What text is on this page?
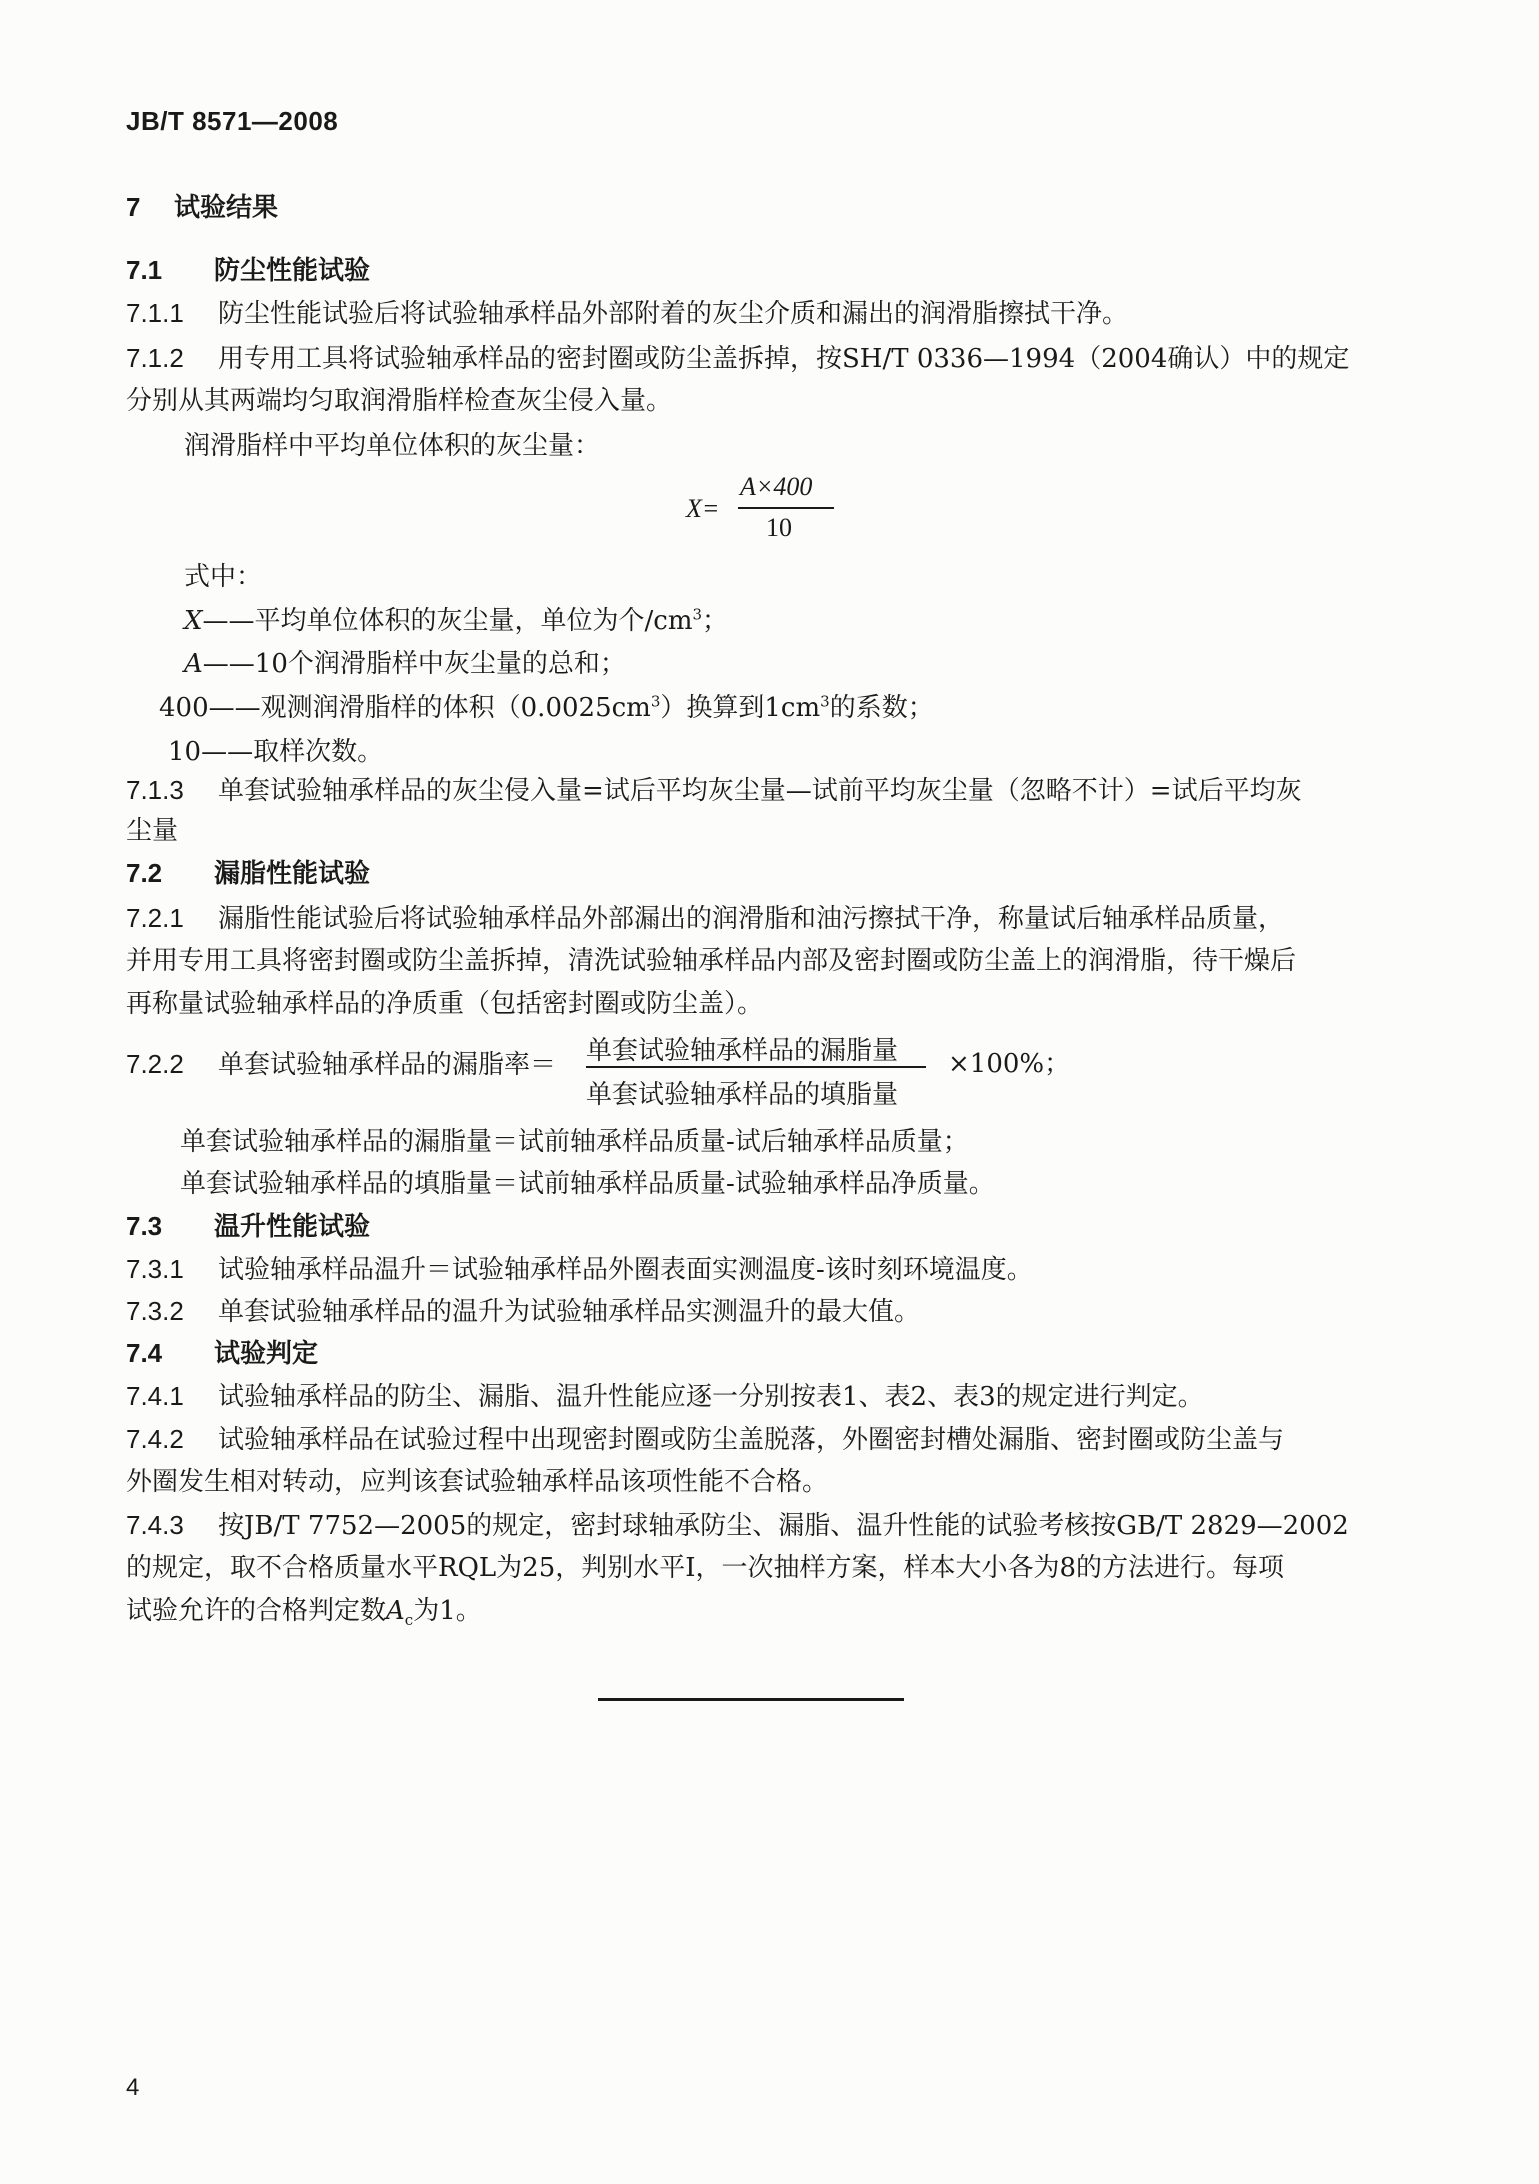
JB/T 8571—2008
7 试验结果
7.1 防尘性能试验
7.1.1 防尘性能试验后将试验轴承样品外部附着的灰尘介质和漏出的润滑脂擦拭干净。
7.1.2 用专用工具将试验轴承样品的密封圈或防尘盖拆掉，按SH/T 0336—1994（2004确认）中的规定
分别从其两端均匀取润滑脂样检查灰尘侵入量。
润滑脂样中平均单位体积的灰尘量：
X=
A×400
10
式中：
X——平均单位体积的灰尘量，单位为个$/cm^3$；
A——10个润滑脂样中灰尘量的总和；
400——观测润滑脂样的体积$(0.0025cm^3)$换算到$1cm^3$的系数；
10——取样次数。
7.1.3 单套试验轴承样品的灰尘侵入量=试后平均灰尘量—试前平均灰尘量（忽略不计）=试后平均灰
尘量
7.2 漏脂性能试验
7.2.1 漏脂性能试验后将试验轴承样品外部漏出的润滑脂和油污擦拭干净，称量试后轴承样品质量，
并用专用工具将密封圈或防尘盖拆掉，清洗试验轴承样品内部及密封圈或防尘盖上的润滑脂，待干燥后
再称量试验轴承样品的净质重（包括密封圈或防尘盖）。
7.2.2 单套试验轴承样品的漏脂率＝	单套试验轴承样品的漏脂量
单套试验轴承样品的填脂量
×100%；
单套试验轴承样品的漏脂量＝试前轴承样品质量-试后轴承样品质量；
单套试验轴承样品的填脂量＝试前轴承样品质量-试验轴承样品净质量。
7.3 温升性能试验
7.3.1 试验轴承样品温升＝试验轴承样品外圈表面实测温度-该时刻环境温度。
7.3.2 单套试验轴承样品的温升为试验轴承样品实测温升的最大值。
7.4 试验判定
7.4.1 试验轴承样品的防尘、漏脂、温升性能应逐一分别按表1、表2、表3的规定进行判定。
7.4.2 试验轴承样品在试验过程中出现密封圈或防尘盖脱落，外圈密封槽处漏脂、密封圈或防尘盖与
外圈发生相对转动，应判该套试验轴承样品该项性能不合格。
7.4.3 按JB/T 7752—2005的规定，密封球轴承防尘、漏脂、温升性能的试验考核按GB/T 2829—2002
的规定，取不合格质量水平RQL为25，判别水平Ⅰ，一次抽样方案，样本大小各为8的方法进行。每项
试验允许的合格判定数$A_c$为1。
4
